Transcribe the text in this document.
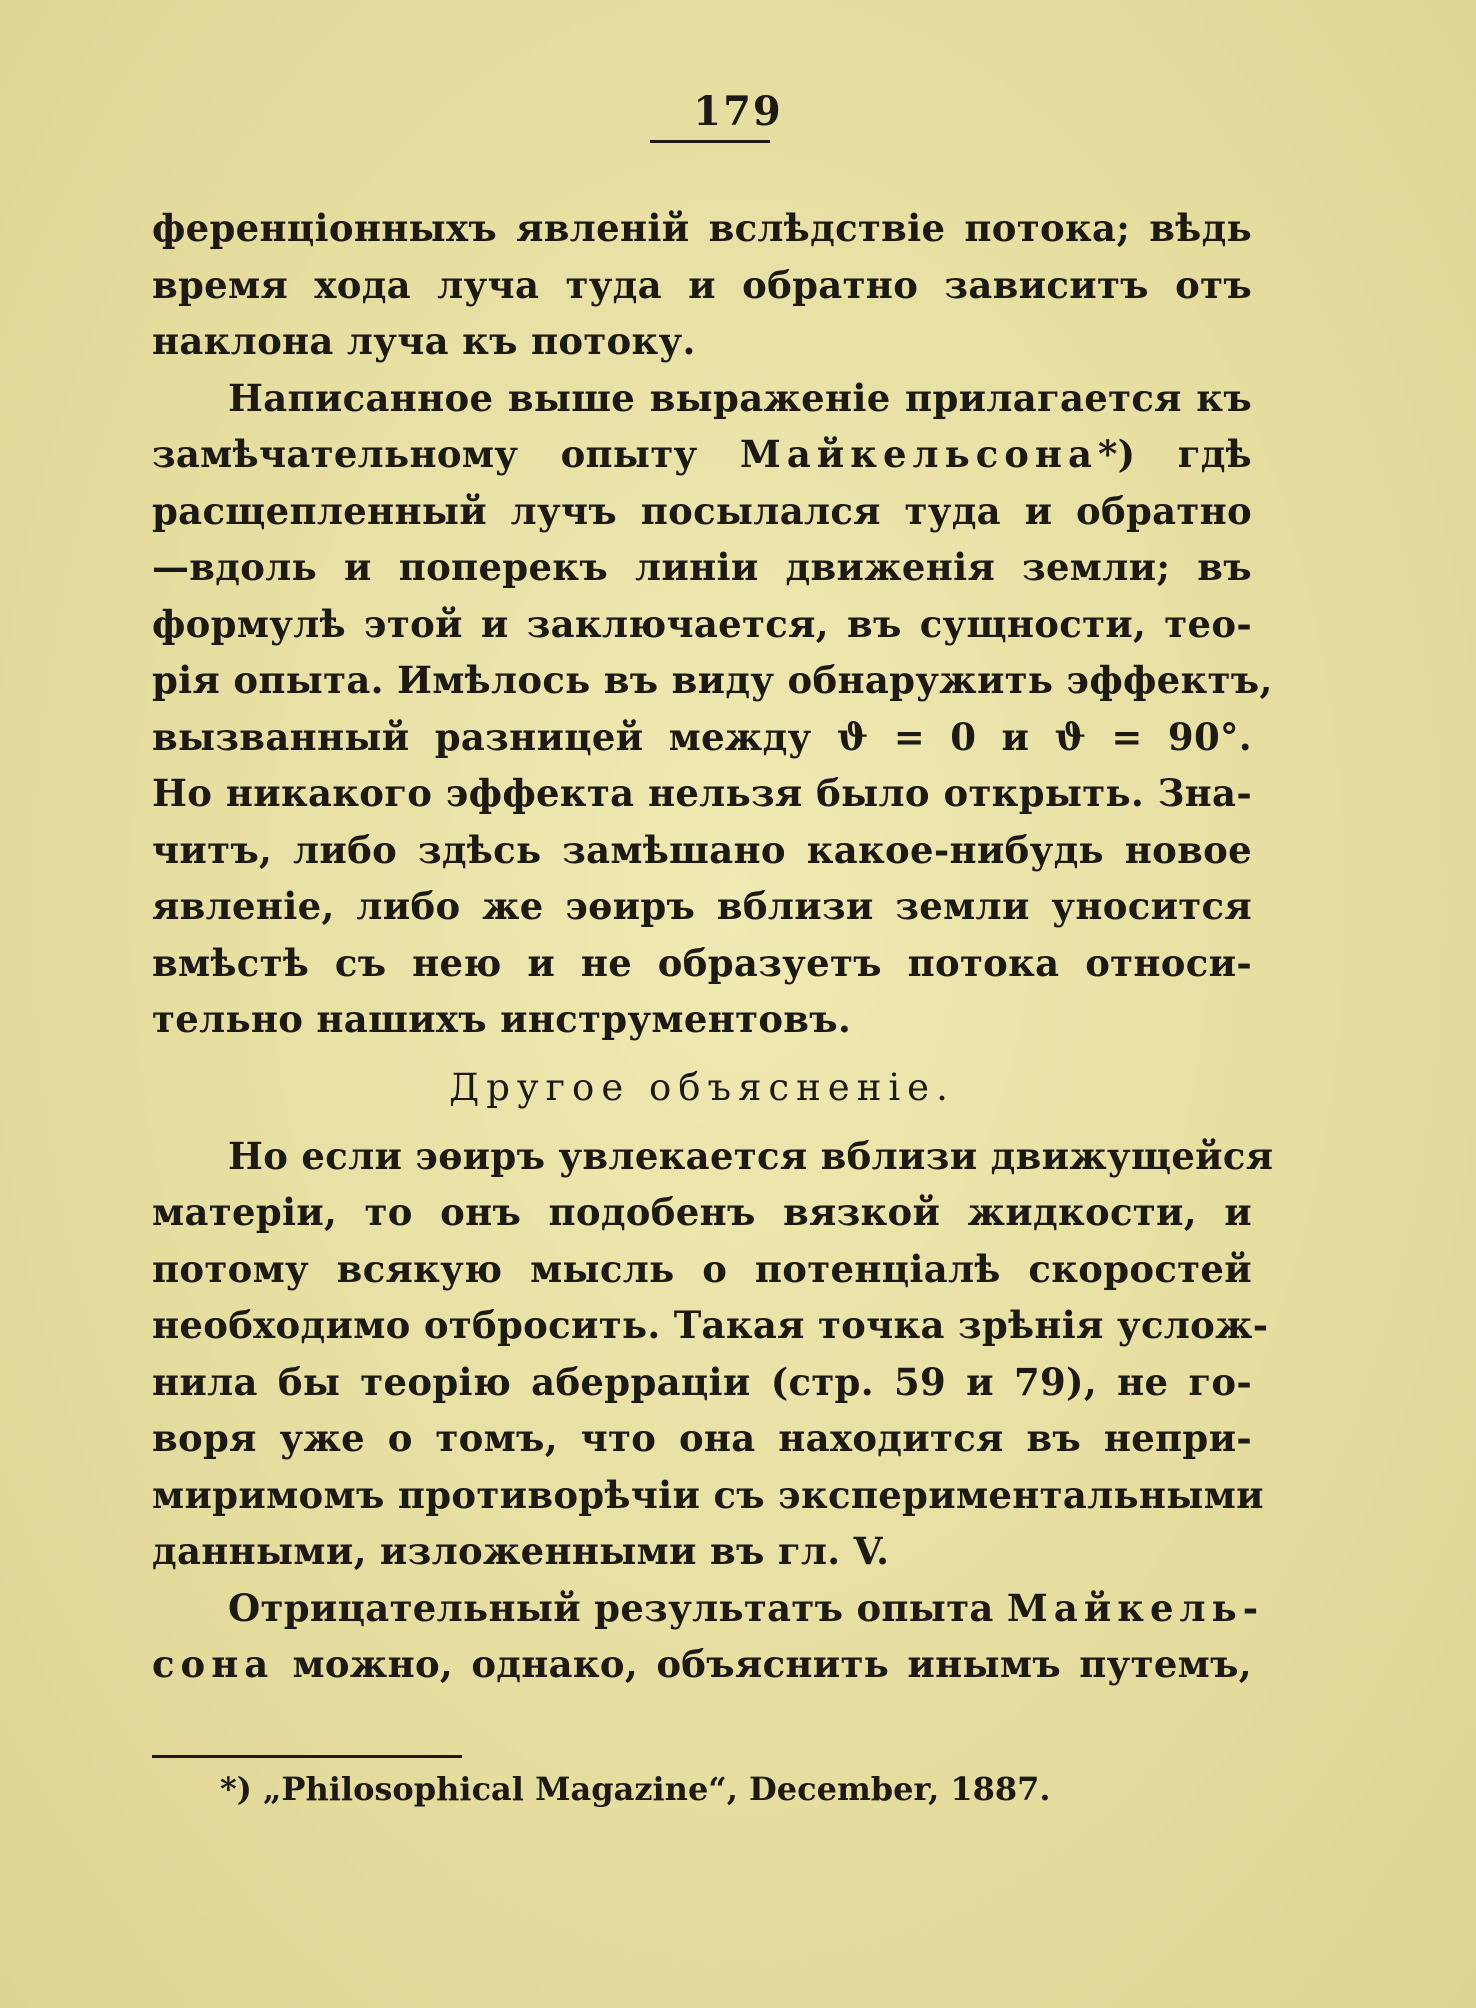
179
ференціонныхъ явленій вслѣдствіе потока; вѣдь
время хода луча туда и обратно зависитъ отъ
наклона луча къ потоку.
Написанное выше выраженіе прилагается къ
замѣчательному опыту Майкельсона*) гдѣ
расщепленный лучъ посылался туда и обратно
—вдоль и поперекъ линіи движенія земли; въ
формулѣ этой и заключается, въ сущности, тео-
рія опыта. Имѣлось въ виду обнаружить эффектъ,
вызванный разницей между ϑ = 0 и ϑ = 90°.
Но никакого эффекта нельзя было открыть. Зна-
читъ, либо здѣсь замѣшано какое-нибудь новое
явленіе, либо же эѳиръ вблизи земли уносится
вмѣстѣ съ нею и не образуетъ потока относи-
тельно нашихъ инструментовъ.
Другое объясненіе.
Но если эѳиръ увлекается вблизи движущейся
матеріи, то онъ подобенъ вязкой жидкости, и
потому всякую мысль о потенціалѣ скоростей
необходимо отбросить. Такая точка зрѣнія услож-
нила бы теорію аберраціи (стр. 59 и 79), не го-
воря уже о томъ, что она находится въ непри-
миримомъ противорѣчіи съ экспериментальными
данными, изложенными въ гл. V.
Отрицательный результатъ опыта Майкель-
сона можно, однако, объяснить инымъ путемъ,
*) „Philosophical Magazine“, December, 1887.
